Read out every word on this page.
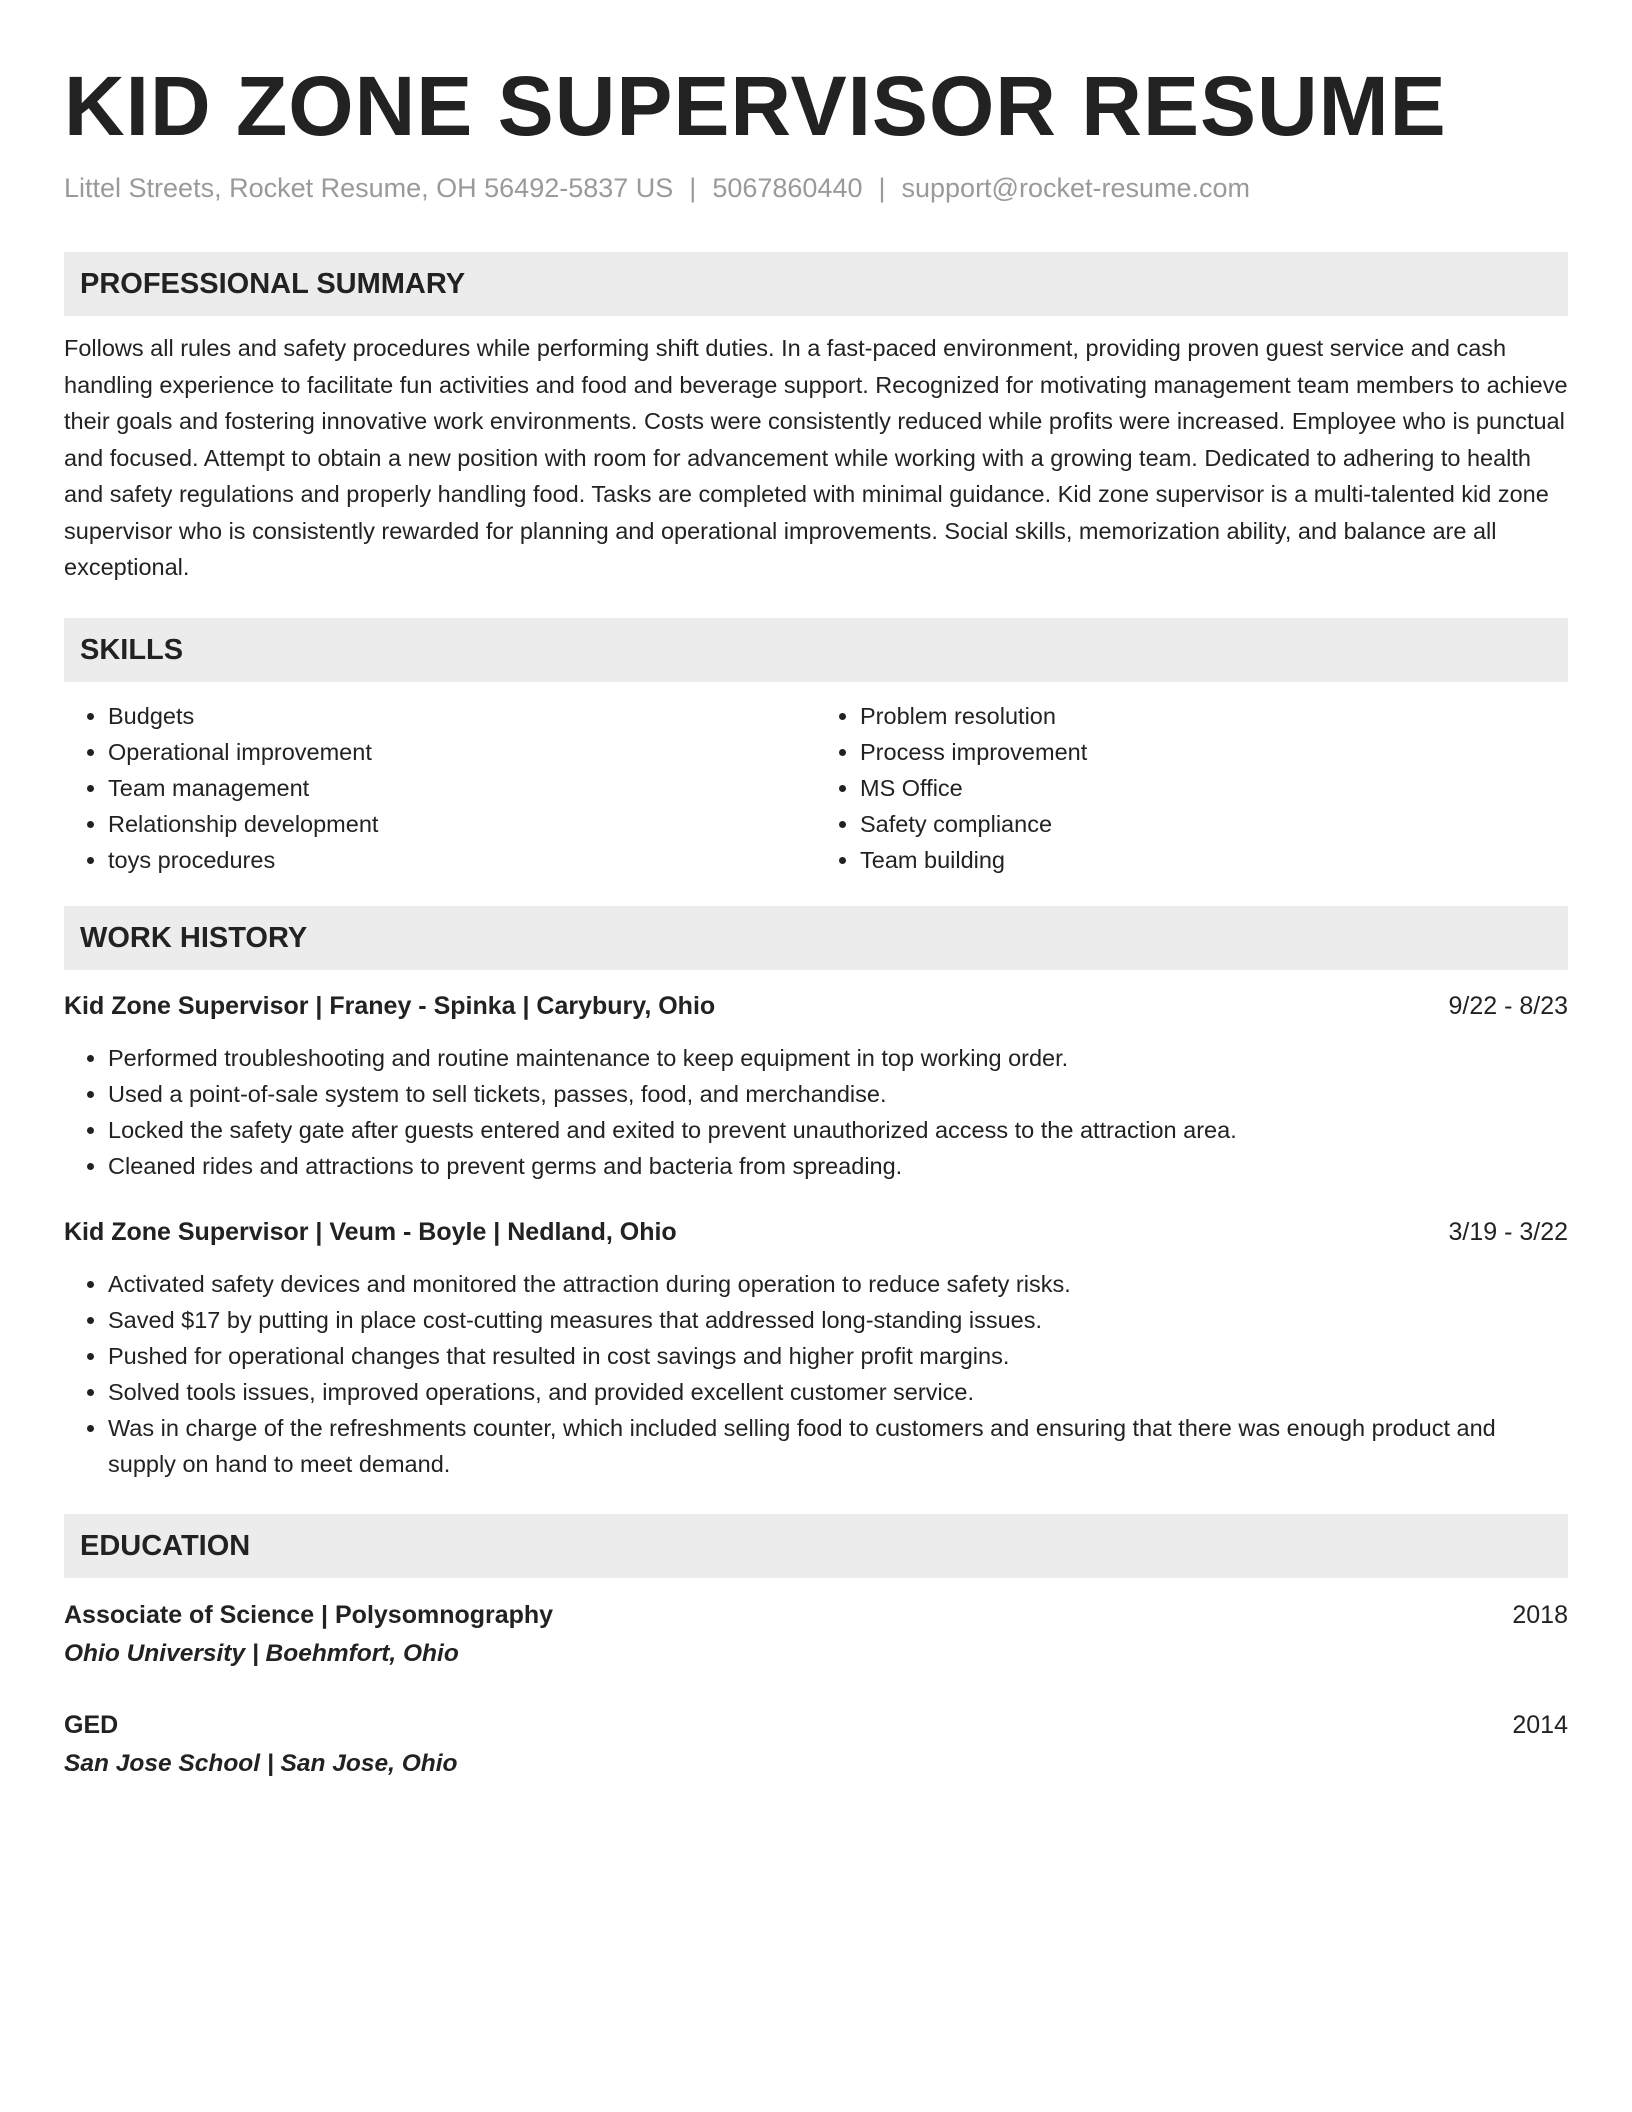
KID ZONE SUPERVISOR RESUME
Littel Streets, Rocket Resume, OH 56492-5837 US | 5067860440 | support@rocket-resume.com
PROFESSIONAL SUMMARY

Follows all rules and safety procedures while performing shift duties. In a fast-paced environment, providing proven guest service and cash handling experience to facilitate fun activities and food and beverage support. Recognized for motivating management team members to achieve their goals and fostering innovative work environments. Costs were consistently reduced while profits were increased. Employee who is punctual and focused. Attempt to obtain a new position with room for advancement while working with a growing team. Dedicated to adhering to health and safety regulations and properly handling food. Tasks are completed with minimal guidance. Kid zone supervisor is a multi-talented kid zone supervisor who is consistently rewarded for planning and operational improvements. Social skills, memorization ability, and balance are all exceptional.

SKILLS
• Budgets
• Operational improvement
• Team management
• Relationship development
• toys procedures
• Problem resolution
• Process improvement
• MS Office
• Safety compliance
• Team building
WORK HISTORY
Kid Zone Supervisor | Franey - Spinka | Carybury, Ohio	9/22 - 8/23
• Performed troubleshooting and routine maintenance to keep equipment in top working order.
• Used a point-of-sale system to sell tickets, passes, food, and merchandise.
• Locked the safety gate after guests entered and exited to prevent unauthorized access to the attraction area.
• Cleaned rides and attractions to prevent germs and bacteria from spreading.
Kid Zone Supervisor | Veum - Boyle | Nedland, Ohio	3/19 - 3/22
• Activated safety devices and monitored the attraction during operation to reduce safety risks.
• Saved $17 by putting in place cost-cutting measures that addressed long-standing issues.
• Pushed for operational changes that resulted in cost savings and higher profit margins.
• Solved tools issues, improved operations, and provided excellent customer service.
• Was in charge of the refreshments counter, which included selling food to customers and ensuring that there was enough product and supply on hand to meet demand.
EDUCATION
Associate of Science | Polysomnography	2018
Ohio University | Boehmfort, Ohio
GED	2014
San Jose School | San Jose, Ohio
